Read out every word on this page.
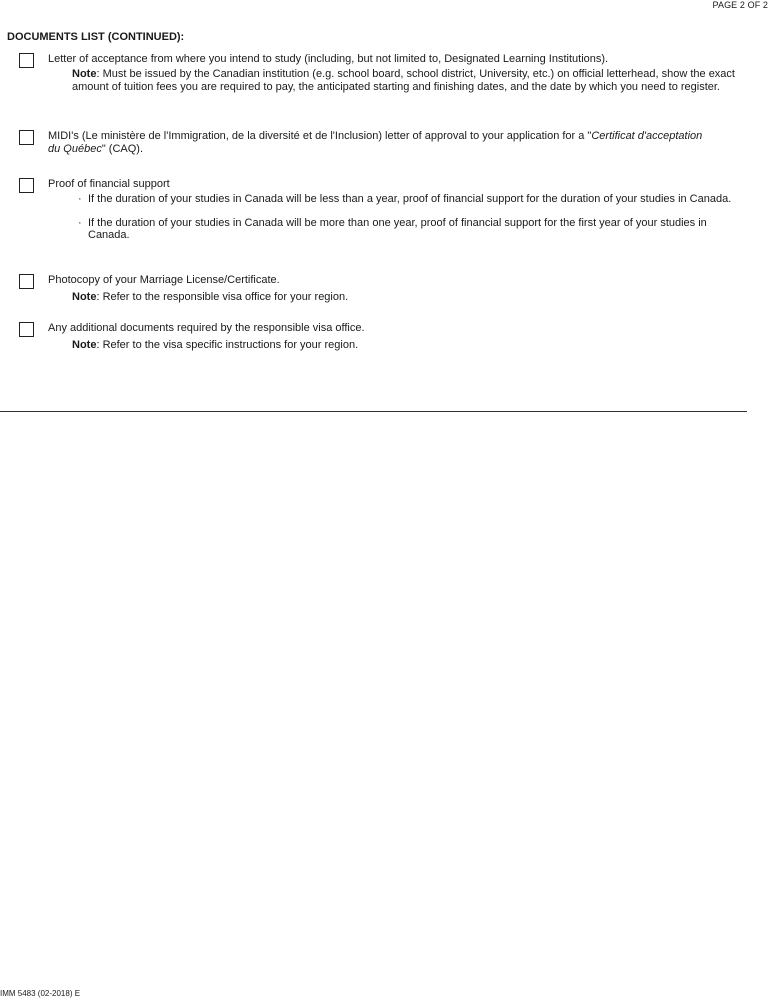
PAGE 2 OF 2
DOCUMENTS LIST (CONTINUED):
Letter of acceptance from where you intend to study (including, but not limited to, Designated Learning Institutions).
Note: Must be issued by the Canadian institution (e.g. school board, school district, University, etc.) on official letterhead, show the exact amount of tuition fees you are required to pay, the anticipated starting and finishing dates, and the date by which you need to register.
MIDI's (Le ministère de l'Immigration, de la diversité et de l'Inclusion) letter of approval to your application for a "Certificat d'acceptation du Québec" (CAQ).
Proof of financial support
· If the duration of your studies in Canada will be less than a year, proof of financial support for the duration of your studies in Canada.
· If the duration of your studies in Canada will be more than one year, proof of financial support for the first year of your studies in Canada.
Photocopy of your Marriage License/Certificate.
Note: Refer to the responsible visa office for your region.
Any additional documents required by the responsible visa office.
Note: Refer to the visa specific instructions for your region.
IMM 5483 (02-2018) E
